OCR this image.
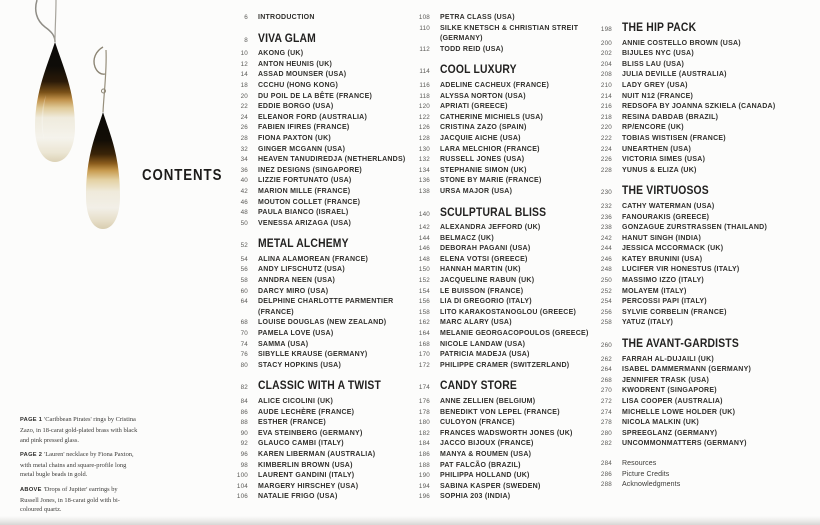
CONTENTS

PAGE 1 'Caribbean Pirates' rings by Cristina Zazo, in 18-carat gold-plated brass with black and pink pressed glass.

PAGE 2 'Lauren' necklace by Fiona Paxton, with metal chains and square-profile long metal bugle beads in gold.

ABOVE 'Drops of Jupiter' earrings by Russell Jones, in 18-carat gold with bi-coloured quartz.

6 INTRODUCTION
8 VIVA GLAM
10 AKONG (UK)
12 ANTON HEUNIS (UK)
14 ASSAD MOUNSER (USA)
18 CCCHU (HONG KONG)
20 DU POIL DE LA BÊTE (FRANCE)
22 EDDIE BORGO (USA)
24 ELEANOR FORD (AUSTRALIA)
26 FABIEN IFIRES (FRANCE)
28 FIONA PAXTON (UK)
32 GINGER MCGANN (USA)
34 HEAVEN TANUDIREDJA (NETHERLANDS)
36 INEZ DESIGNS (SINGAPORE)
40 LIZZIE FORTUNATO (USA)
42 MARION MILLE (FRANCE)
46 MOUTON COLLET (FRANCE)
48 PAULA BIANCO (ISRAEL)
50 VENESSA ARIZAGA (USA)
52 METAL ALCHEMY
54 ALINA ALAMOREAN (FRANCE)
56 ANDY LIFSCHUTZ (USA)
58 ANNDRA NEEN (USA)
60 DARCY MIRO (USA)
64 DELPHINE CHARLOTTE PARMENTIER (FRANCE)
68 LOUISE DOUGLAS (NEW ZEALAND)
70 PAMELA LOVE (USA)
74 SAMMA (USA)
76 SIBYLLE KRAUSE (GERMANY)
80 STACY HOPKINS (USA)
82 CLASSIC WITH A TWIST
84 ALICE CICOLINI (UK)
86 AUDE LECHÈRE (FRANCE)
88 ESTHER (FRANCE)
90 EVA STEINBERG (GERMANY)
92 GLAUCO CAMBI (ITALY)
96 KAREN LIBERMAN (AUSTRALIA)
98 KIMBERLIN BROWN (USA)
100 LAURENT GANDINI (ITALY)
104 MARGERY HIRSCHEY (USA)
106 NATALIE FRIGO (USA)
108 PETRA CLASS (USA)
110 SILKE KNETSCH & CHRISTIAN STREIT (GERMANY)
112 TODD REID (USA)
114 COOL LUXURY
116 ADELINE CACHEUX (FRANCE)
118 ALYSSA NORTON (USA)
120 APRIATI (GREECE)
122 CATHERINE MICHIELS (USA)
126 CRISTINA ZAZO (SPAIN)
128 JACQUIE AICHE (USA)
130 LARA MELCHIOR (FRANCE)
132 RUSSELL JONES (USA)
134 STEPHANIE SIMON (UK)
136 STONE BY MARIE (FRANCE)
138 URSA MAJOR (USA)
140 SCULPTURAL BLISS
142 ALEXANDRA JEFFORD (UK)
144 BELMACZ (UK)
146 DEBORAH PAGANI (USA)
148 ELENA VOTSI (GREECE)
150 HANNAH MARTIN (UK)
152 JACQUELINE RABUN (UK)
154 LE BUISSON (FRANCE)
156 LIA DI GREGORIO (ITALY)
158 LITO KARAKOSTANOGLOU (GREECE)
162 MARC ALARY (USA)
164 MELANIE GEORGACOPOULOS (GREECE)
168 NICOLE LANDAW (USA)
170 PATRICIA MADEJA (USA)
172 PHILIPPE CRAMER (SWITZERLAND)
174 CANDY STORE
176 ANNE ZELLIEN (BELGIUM)
178 BENEDIKT VON LEPEL (FRANCE)
180 CULOYON (FRANCE)
182 FRANCES WADSWORTH JONES (UK)
184 JACCO BIJOUX (FRANCE)
186 MANYA & ROUMEN (USA)
188 PAT FALCÃO (BRAZIL)
190 PHILIPPA HOLLAND (UK)
194 SABINA KASPER (SWEDEN)
196 SOPHIA 203 (INDIA)
198 THE HIP PACK
200 ANNIE COSTELLO BROWN (USA)
202 BIJULES NYC (USA)
204 BLISS LAU (USA)
208 JULIA DEVILLE (AUSTRALIA)
210 LADY GREY (USA)
214 NUIT N12 (FRANCE)
216 REDSOFA BY JOANNA SZKIELA (CANADA)
218 RESINA DABDAB (BRAZIL)
220 RP/ENCORE (UK)
222 TOBIAS WISTISEN (FRANCE)
224 UNEARTHEN (USA)
226 VICTORIA SIMES (USA)
228 YUNUS & ELIZA (UK)
230 THE VIRTUOSOS
232 CATHY WATERMAN (USA)
236 FANOURAKIS (GREECE)
238 GONZAGUE ZURSTRASSEN (THAILAND)
242 HANUT SINGH (INDIA)
244 JESSICA MCCORMACK (UK)
246 KATEY BRUNINI (USA)
248 LUCIFER VIR HONESTUS (ITALY)
250 MASSIMO IZZO (ITALY)
252 MOLAYEM (ITALY)
254 PERCOSSI PAPI (ITALY)
256 SYLVIE CORBELIN (FRANCE)
258 YATUZ (ITALY)
260 THE AVANT-GARDISTS
262 FARRAH AL-DUJAILI (UK)
264 ISABEL DAMMERMANN (GERMANY)
268 JENNIFER TRASK (USA)
270 KWODRENT (SINGAPORE)
272 LISA COOPER (AUSTRALIA)
274 MICHELLE LOWE HOLDER (UK)
278 NICOLA MALKIN (UK)
280 SPREEGLANZ (GERMANY)
282 UNCOMMONMATTERS (GERMANY)
284 Resources
286 Picture Credits
288 Acknowledgments
